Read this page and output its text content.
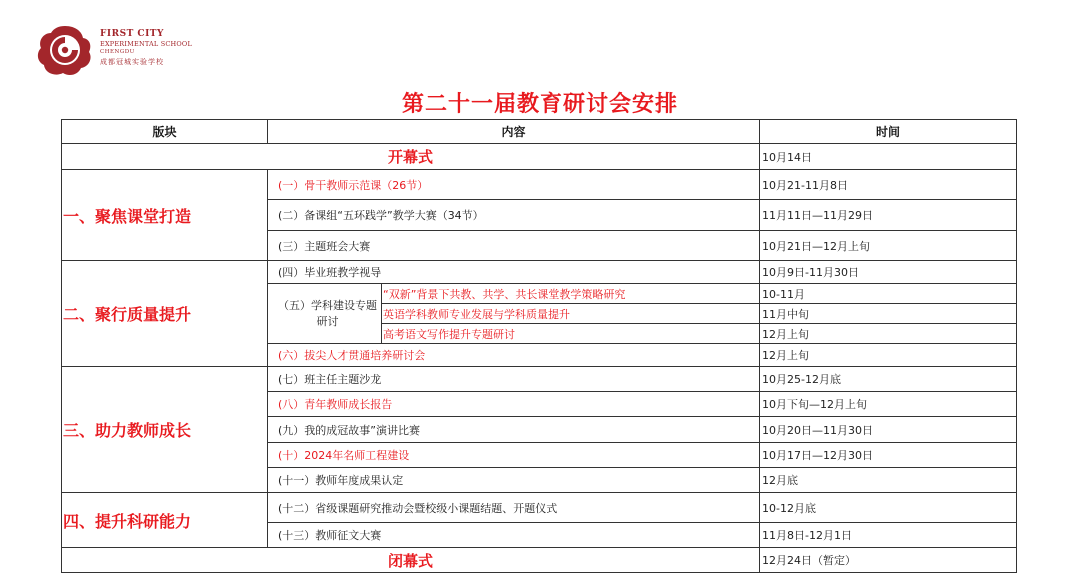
FIRST CITY
EXPERIMENTAL SCHOOL
CHENGDU
成都冠城实验学校
第二十一届教育研讨会安排
版块	内容		时间
开幕式			10月14日
一、聚焦课堂打造	(一）骨干教师示范课（26节）		10月21-11月8日
	(二）备课组“五环践学”教学大赛（34节）		11月11日—11月29日
	(三）主题班会大赛		10月21日—12月上旬
二、聚行质量提升	(四）毕业班教学视导		10月9日-11月30日
	（五）学科建设专题研讨	“双新”背景下共教、共学、共长课堂教学策略研究	10-11月
		英语学科教师专业发展与学科质量提升	11月中旬
		高考语文写作提升专题研讨	12月上旬
	(六）拔尖人才贯通培养研讨会		12月上旬
三、助力教师成长	(七）班主任主题沙龙		10月25-12月底
	(八）青年教师成长报告		10月下旬—12月上旬
	(九）我的成冠故事”演讲比赛		10月20日—11月30日
	(十）2024年名师工程建设		10月17日—12月30日
	(十一）教师年度成果认定		12月底
四、提升科研能力	(十二）省级课题研究推动会暨校级小课题结题、开题仪式		10-12月底
	(十三）教师征文大赛		11月8日-12月1日
闭幕式			12月24日（暂定）
